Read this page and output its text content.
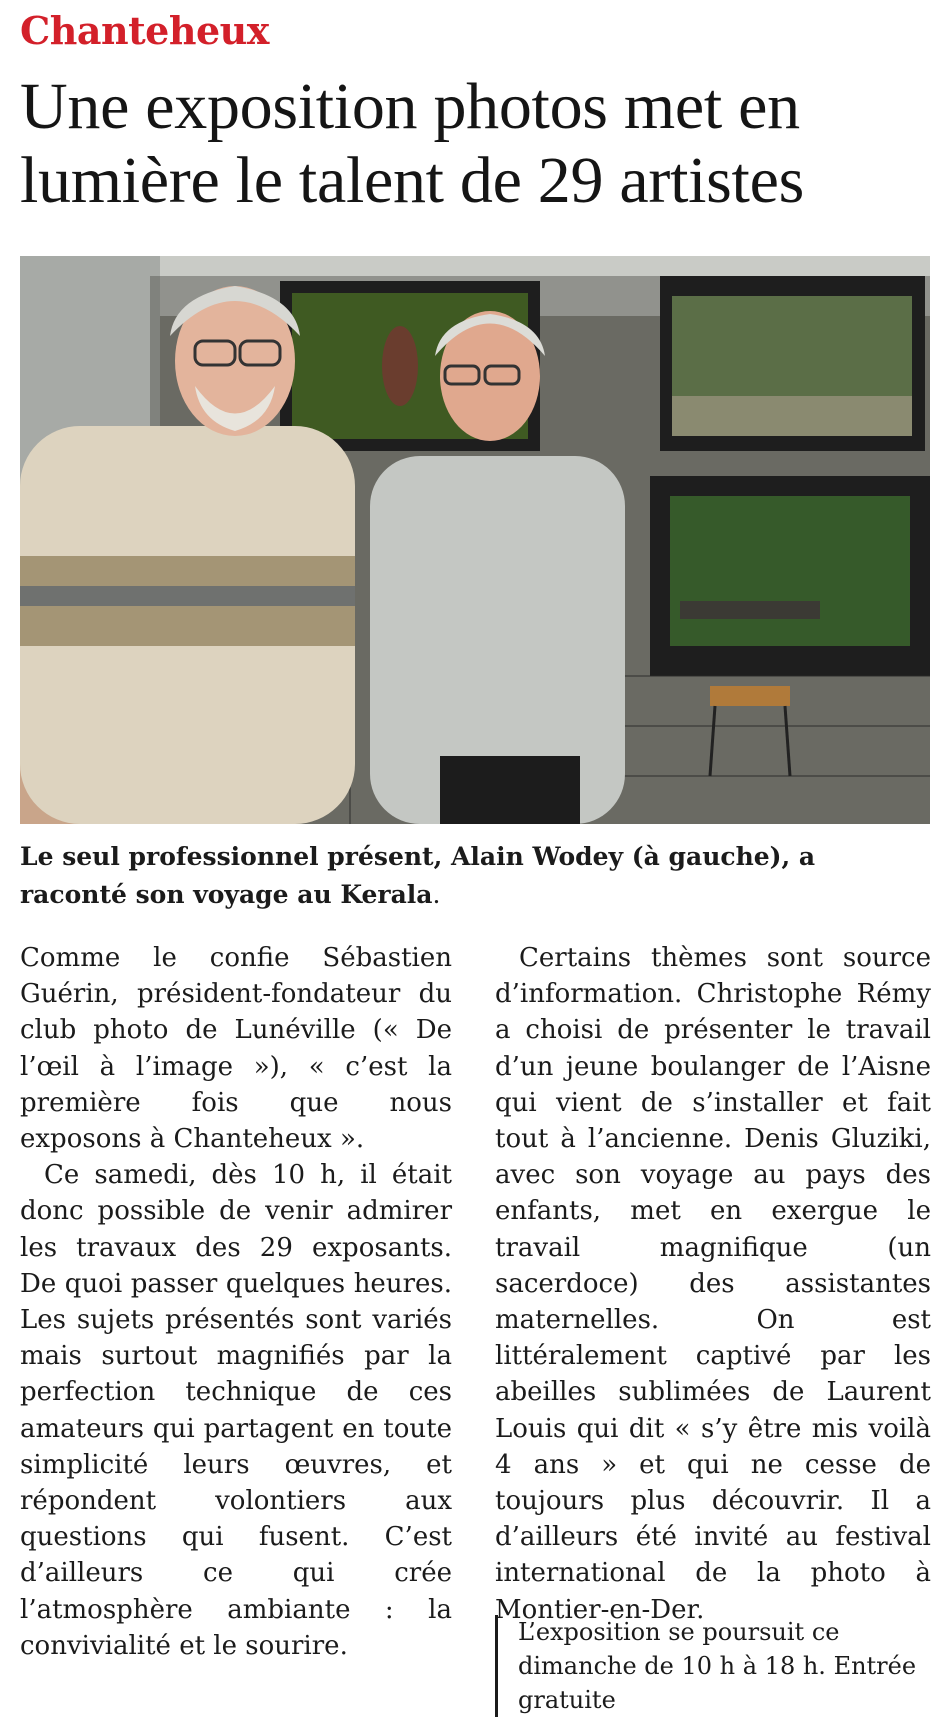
Chanteheux
Une exposition photos met en
lumière le talent de 29 artistes
Le seul professionnel présent, Alain Wodey (à gauche), a raconté son voyage au Kerala.

Comme le confie Sébastien Guérin, président-fondateur du club photo de Lunéville (« De l’œil à l’image »), « c’est la première fois que nous exposons à Chanteheux ».

Ce samedi, dès 10 h, il était donc possible de venir admirer les travaux des 29 exposants. De quoi passer quelques heures. Les sujets présentés sont variés mais surtout magnifiés par la perfection technique de ces amateurs qui partagent en toute simplicité leurs œuvres, et répondent volontiers aux questions qui fusent. C’est d’ailleurs ce qui crée l’atmosphère ambiante : la convivialité et le sourire.

Certains thèmes sont source d’information. Christophe Rémy a choisi de présenter le travail d’un jeune boulanger de l’Aisne qui vient de s’installer et fait tout à l’ancienne. Denis Gluziki, avec son voyage au pays des enfants, met en exergue le travail magnifique (un sacerdoce) des assistantes maternelles. On est littéralement captivé par les abeilles sublimées de Laurent Louis qui dit « s’y être mis voilà 4 ans » et qui ne cesse de toujours plus découvrir. Il a d’ailleurs été invité au festival international de la photo à Montier-en-Der.

L’exposition se poursuit ce dimanche de 10 h à 18 h. Entrée gratuite
